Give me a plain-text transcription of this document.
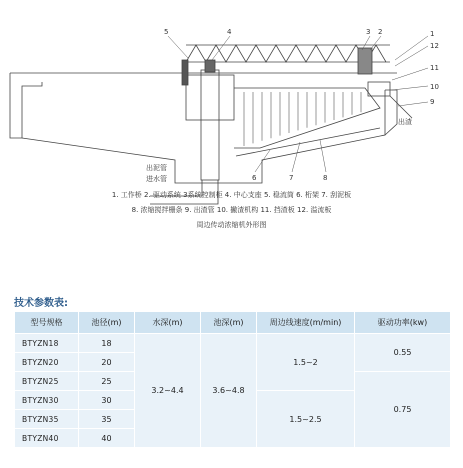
5	4	3 2	1
12
11
10
9
6	7	8
出渣
出泥管
进水管
1. 工作桥 2. 驱动系统 3系统控制柜 4. 中心支座 5. 稳流筒 6. 桁架 7. 刮泥板
8. 浓缩搅拌栅条 9. 出渣管 10. 撇渣机构 11. 挡渣板 12. 溢流板
周边传动浓缩机外形图
技术参数表:
型号规格	池径(m)	水深(m)	池深(m)	周边线速度(m/min)	驱动功率(kw)
BTYZN18	18	3.2~4.4	3.6~4.8	1.5~2	0.55
BTYZN20	20				
BTYZN25	25				0.75
BTYZN30	30			1.5~2.5	
BTYZN35	35				
BTYZN40	40				
